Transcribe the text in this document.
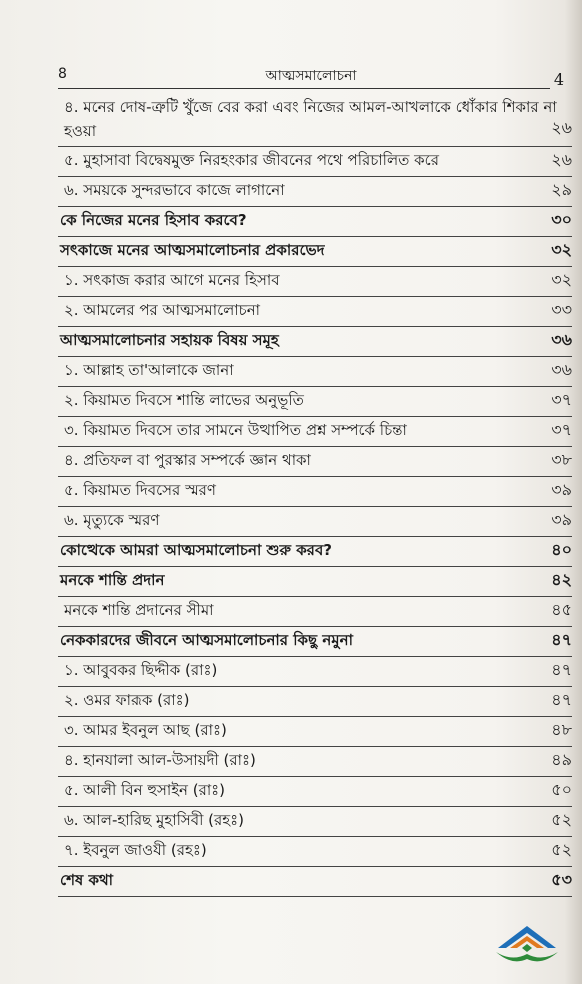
8	আত্মসমালোচনা	4
৪. মনের দোষ-ত্রুটি খুঁজে বের করা এবং নিজের আমল-আখলাকে ধোঁকার শিকার না হওয়া	২৬
৫. মুহাসাবা বিদ্বেষমুক্ত নিরহংকার জীবনের পথে পরিচালিত করে	২৬
৬. সময়কে সুন্দরভাবে কাজে লাগানো	২৯
কে নিজের মনের হিসাব করবে?	৩০
সৎকাজে মনের আত্মসমালোচনার প্রকারভেদ	৩২
১. সৎকাজ করার আগে মনের হিসাব	৩২
২. আমলের পর আত্মসমালোচনা	৩৩
আত্মসমালোচনার সহায়ক বিষয় সমূহ	৩৬
১. আল্লাহ তা'আলাকে জানা	৩৬
২. কিয়ামত দিবসে শান্তি লাভের অনুভূতি	৩৭
৩. কিয়ামত দিবসে তার সামনে উত্থাপিত প্রশ্ন সম্পর্কে চিন্তা	৩৭
৪. প্রতিফল বা পুরস্কার সম্পর্কে জ্ঞান থাকা	৩৮
৫. কিয়ামত দিবসের স্মরণ	৩৯
৬. মৃত্যুকে স্মরণ	৩৯
কোত্থেকে আমরা আত্মসমালোচনা শুরু করব?	৪০
মনকে শান্তি প্রদান	৪২
মনকে শান্তি প্রদানের সীমা	৪৫
নেককারদের জীবনে আত্মসমালোচনার কিছু নমুনা	৪৭
১. আবুবকর ছিদ্দীক (রাঃ)	৪৭
২. ওমর ফারূক (রাঃ)	৪৭
৩. আমর ইবনুল আছ (রাঃ)	৪৮
৪. হানযালা আল-উসায়দী (রাঃ)	৪৯
৫. আলী বিন হুসাইন (রাঃ)	৫০
৬. আল-হারিছ মুহাসিবী (রহঃ)	৫২
৭. ইবনুল জাওযী (রহঃ)	৫২
শেষ কথা	৫৩
